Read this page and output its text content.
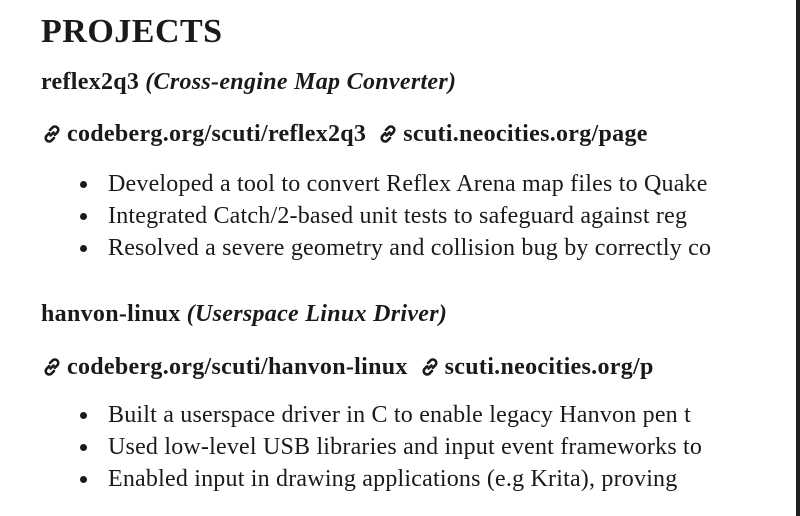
PROJECTS
reflex2q3 (Cross-engine Map Converter)
codeberg.org/scuti/reflex2q3 scuti.neocities.org/page
Developed a tool to convert Reflex Arena map files to Quake
Integrated Catch/2-based unit tests to safeguard against reg
Resolved a severe geometry and collision bug by correctly co
hanvon-linux (Userspace Linux Driver)
codeberg.org/scuti/hanvon-linux scuti.neocities.org/p
Built a userspace driver in C to enable legacy Hanvon pen t
Used low-level USB libraries and input event frameworks to
Enabled input in drawing applications (e.g Krita), proving
